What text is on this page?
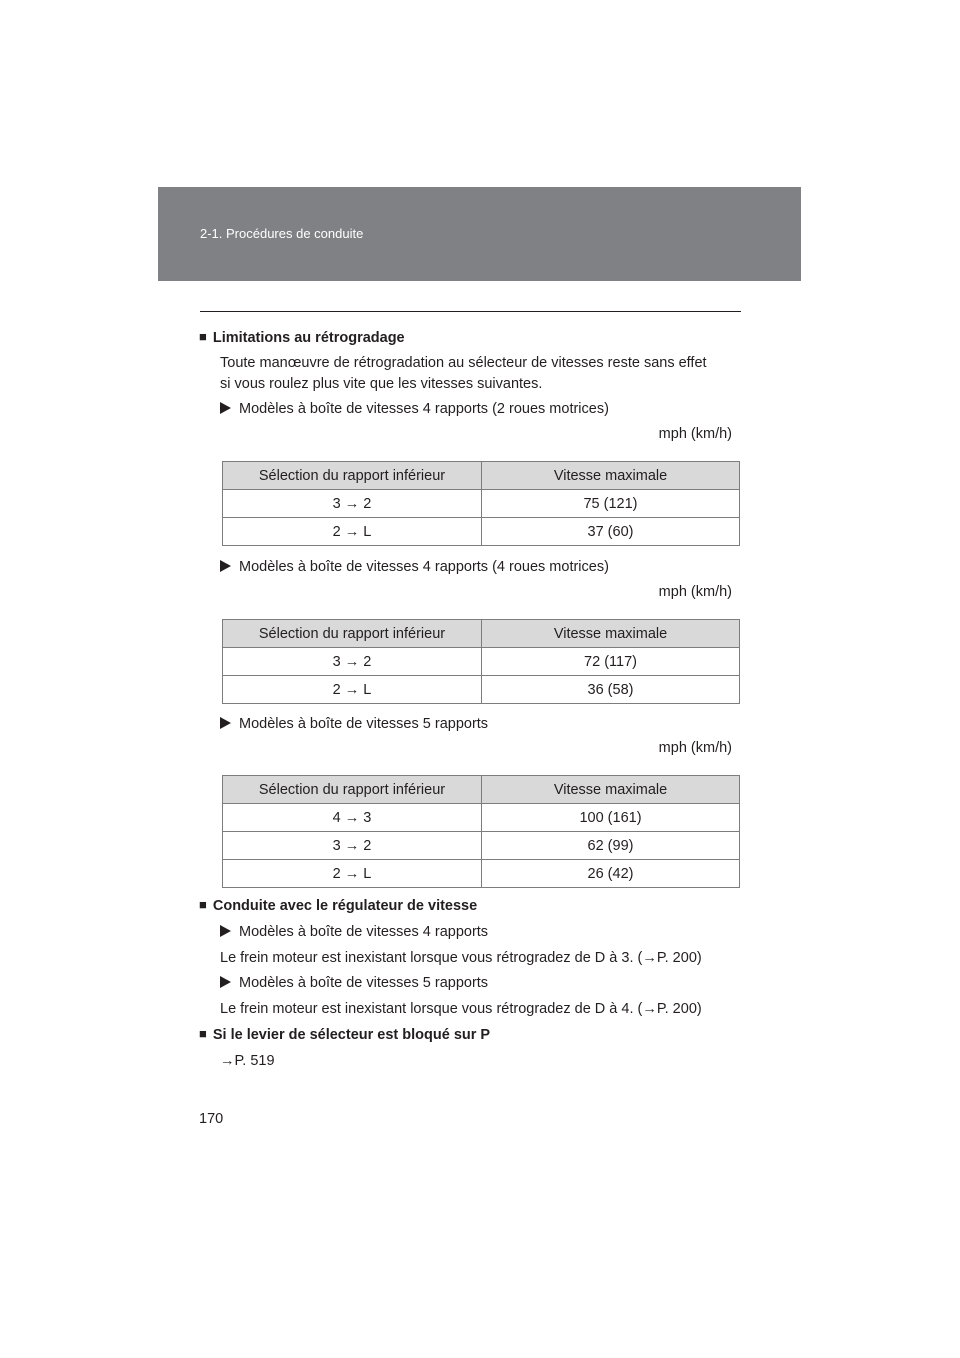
2-1. Procédures de conduite
■ Limitations au rétrogradage
Toute manœuvre de rétrogradation au sélecteur de vitesses reste sans effet
si vous roulez plus vite que les vitesses suivantes.
Modèles à boîte de vitesses 4 rapports (2 roues motrices)
mph (km/h)
Sélection du rapport inférieur	Vitesse maximale
3 → 2	75 (121)
2 → L	37 (60)
Modèles à boîte de vitesses 4 rapports (4 roues motrices)
mph (km/h)
Sélection du rapport inférieur	Vitesse maximale
3 → 2	72 (117)
2 → L	36 (58)
Modèles à boîte de vitesses 5 rapports
mph (km/h)
Sélection du rapport inférieur	Vitesse maximale
4 → 3	100 (161)
3 → 2	62 (99)
2 → L	26 (42)
■ Conduite avec le régulateur de vitesse
Modèles à boîte de vitesses 4 rapports
Le frein moteur est inexistant lorsque vous rétrogradez de D à 3. (→P. 200)
Modèles à boîte de vitesses 5 rapports
Le frein moteur est inexistant lorsque vous rétrogradez de D à 4. (→P. 200)
■ Si le levier de sélecteur est bloqué sur P
→P. 519
170
